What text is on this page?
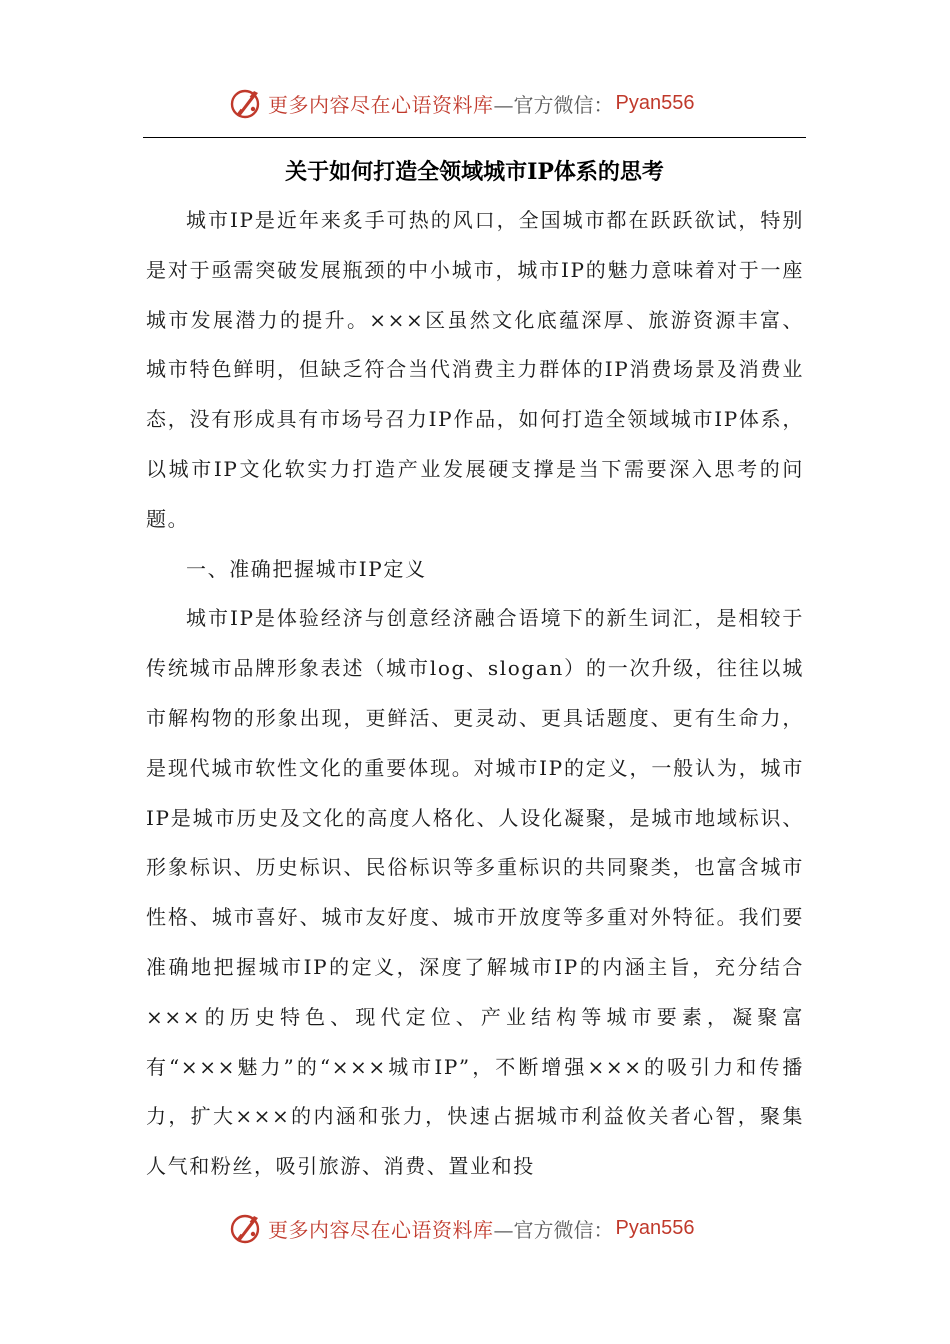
更多内容尽在心语资料库 —官方微信： Pyan556
关于如何打造全领域城市IP体系的思考

城市IP是近年来炙手可热的风口，全国城市都在跃跃欲试，特别是对于亟需突破发展瓶颈的中小城市，城市IP的魅力意味着对于一座城市发展潜力的提升。×××区虽然文化底蕴深厚、旅游资源丰富、城市特色鲜明，但缺乏符合当代消费主力群体的IP消费场景及消费业态，没有形成具有市场号召力IP作品，如何打造全领域城市IP体系，以城市IP文化软实力打造产业发展硬支撑是当下需要深入思考的问题。

一、准确把握城市IP定义

城市IP是体验经济与创意经济融合语境下的新生词汇，是相较于传统城市品牌形象表述（城市log、slogan）的一次升级，往往以城市解构物的形象出现，更鲜活、更灵动、更具话题度、更有生命力，是现代城市软性文化的重要体现。对城市IP的定义，一般认为，城市IP是城市历史及文化的高度人格化、人设化凝聚，是城市地域标识、形象标识、历史标识、民俗标识等多重标识的共同聚类，也富含城市性格、城市喜好、城市友好度、城市开放度等多重对外特征。我们要准确地把握城市IP的定义，深度了解城市IP的内涵主旨，充分结合×××的历史特色、现代定位、产业结构等城市要素，凝聚富有“×××魅力”的“×××城市IP”，不断增强×××的吸引力和传播力，扩大×××的内涵和张力，快速占据城市利益攸关者心智，聚集人气和粉丝，吸引旅游、消费、置业和投

更多内容尽在心语资料库 —官方微信： Pyan556
